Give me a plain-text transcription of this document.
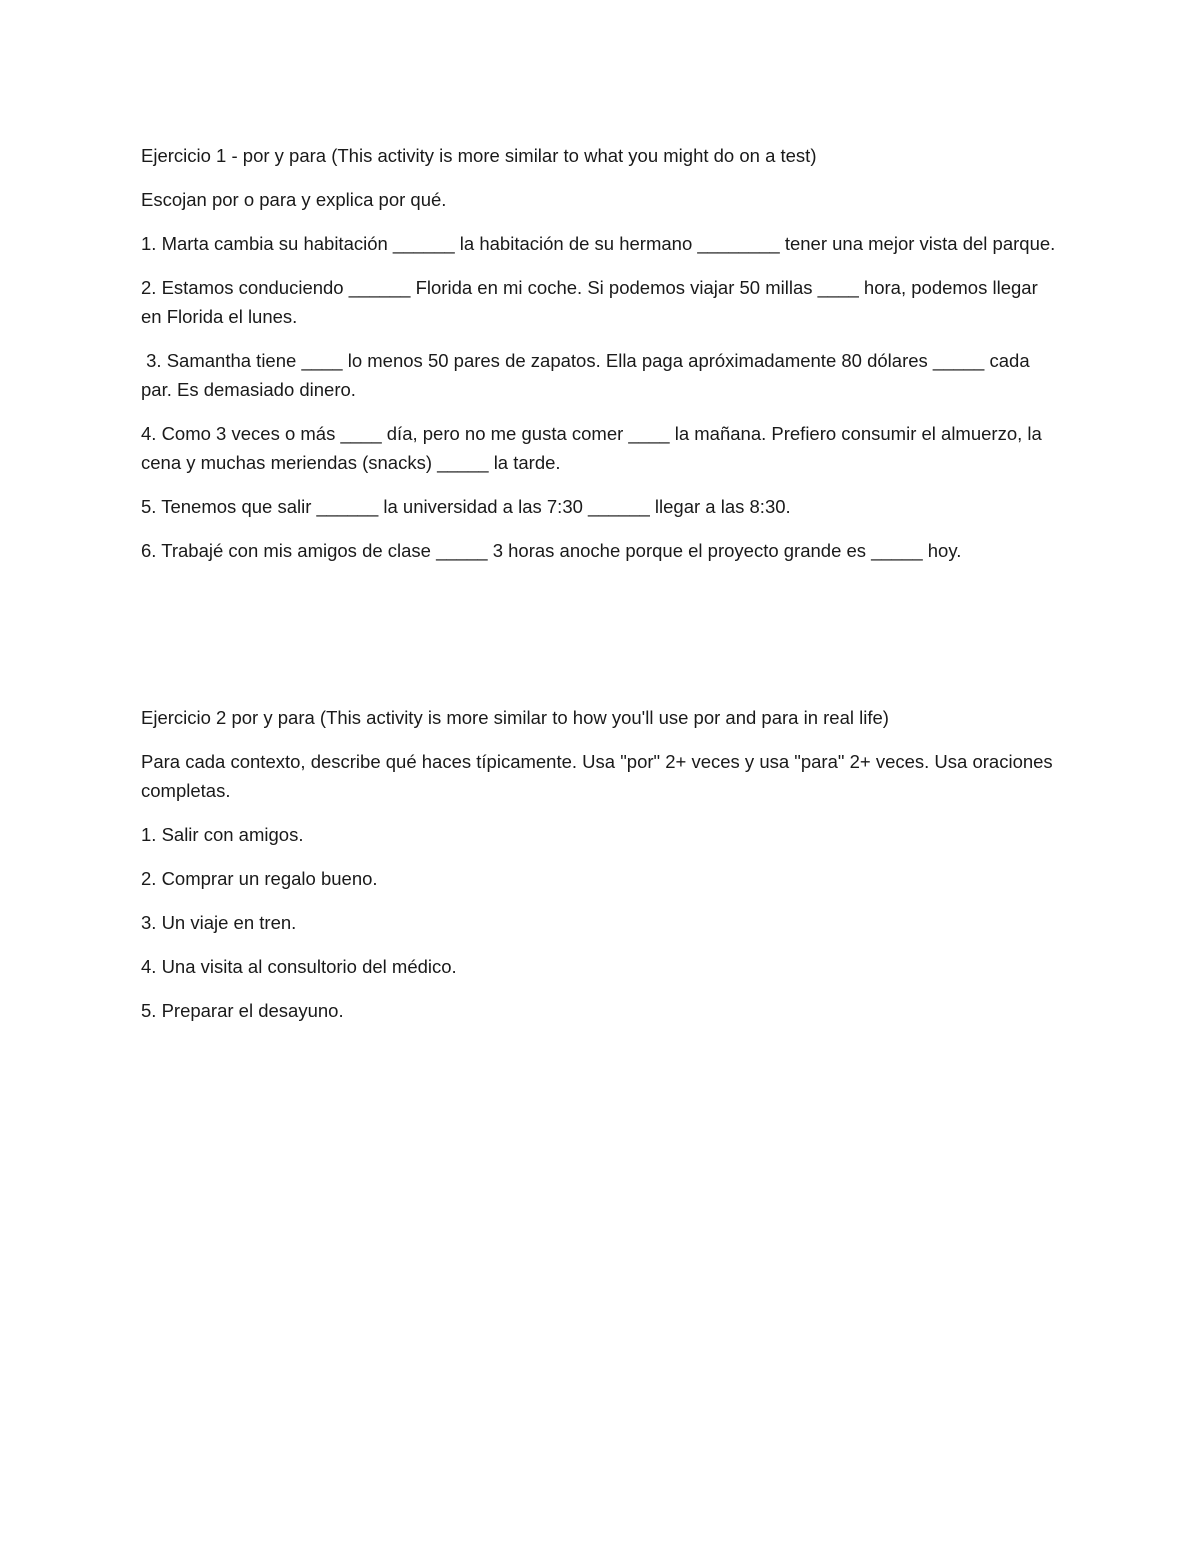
Ejercicio 1 - por y para (This activity is more similar to what you might do on a test)

Escojan por o para y explica por qué.

1. Marta cambia su habitación ______ la habitación de su hermano ________ tener una mejor vista del parque.

2. Estamos conduciendo ______ Florida en mi coche. Si podemos viajar 50 millas ____ hora, podemos llegar en Florida el lunes.

3. Samantha tiene ____ lo menos 50 pares de zapatos. Ella paga apróximadamente 80 dólares _____ cada par. Es demasiado dinero.

4. Como 3 veces o más ____ día, pero no me gusta comer ____ la mañana. Prefiero consumir el almuerzo, la cena y muchas meriendas (snacks) _____ la tarde.

5. Tenemos que salir ______ la universidad a las 7:30 ______ llegar a las 8:30.

6. Trabajé con mis amigos de clase _____ 3 horas anoche porque el proyecto grande es _____ hoy.

Ejercicio 2 por y para (This activity is more similar to how you'll use por and para in real life)

Para cada contexto, describe qué haces típicamente. Usa "por" 2+ veces y usa "para" 2+ veces. Usa oraciones completas.

1. Salir con amigos.

2. Comprar un regalo bueno.

3. Un viaje en tren.

4. Una visita al consultorio del médico.

5. Preparar el desayuno.
